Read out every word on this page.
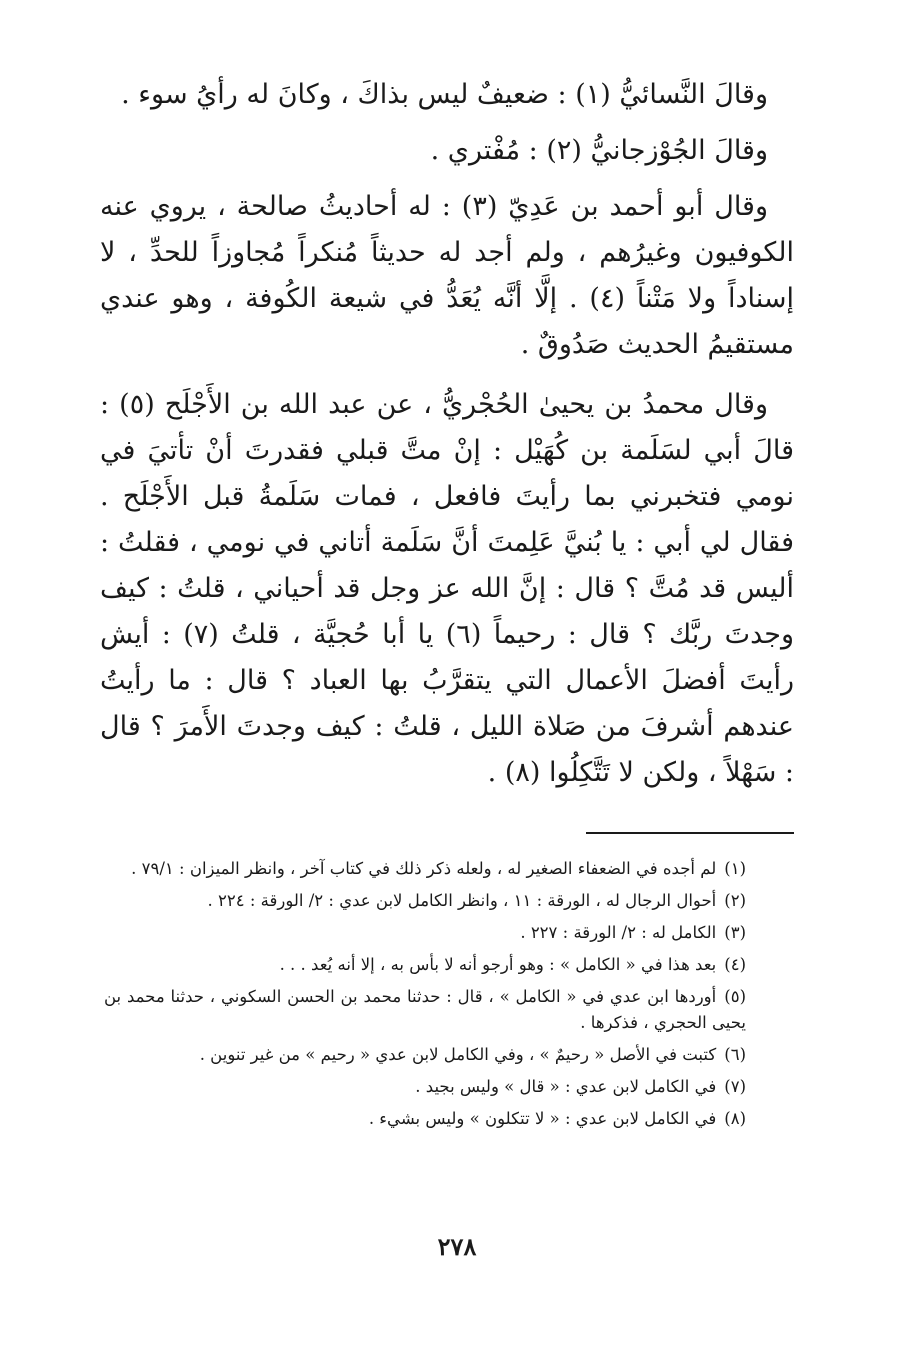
وقالَ النَّسائيُّ (١) : ضعيفٌ ليس بذاكَ ، وكانَ له رأيُ سوء .

وقالَ الجُوْزجانيُّ (٢) : مُفْتري .

وقال أبو أحمد بن عَدِيّ (٣) : له أحاديثُ صالحة ، يروي عنه الكوفيون وغيرُهم ، ولم أجد له حديثاً مُنكراً مُجاوزاً للحدِّ ، لا إسناداً ولا مَتْناً (٤) . إلَّا أنَّه يُعَدُّ في شيعة الكُوفة ، وهو عندي مستقيمُ الحديث صَدُوقٌ .

وقال محمدُ بن يحيىٰ الحُجْريُّ ، عن عبد الله بن الأَجْلَح (٥) : قالَ أبي لسَلَمة بن كُهَيْل : إنْ متَّ قبلي فقدرتَ أنْ تأتيَ في نومي فتخبرني بما رأيتَ فافعل ، فمات سَلَمةُ قبل الأَجْلَح . فقال لي أبي : يا بُنيَّ عَلِمتَ أنَّ سَلَمة أتاني في نومي ، فقلتُ : أليس قد مُتَّ ؟ قال : إنَّ الله عز وجل قد أحياني ، قلتُ : كيف وجدتَ ربَّك ؟ قال : رحيماً (٦) يا أبا حُجيَّة ، قلتُ (٧) : أيش رأيتَ أفضلَ الأعمال التي يتقرَّبُ بها العباد ؟ قال : ما رأيتُ عندهم أشرفَ من صَلاة الليل ، قلتُ : كيف وجدتَ الأَمرَ ؟ قال : سَهْلاً ، ولكن لا تَتَّكِلُوا (٨) .

(١)لم أجده في الضعفاء الصغير له ، ولعله ذكر ذلك في كتاب آخر ، وانظر الميزان : ٧٩/١ .
(٢)أحوال الرجال له ، الورقة : ١١ ، وانظر الكامل لابن عدي : ٢/ الورقة : ٢٢٤ .
(٣)الكامل له : ٢/ الورقة : ٢٢٧ .
(٤)بعد هذا في « الكامل » : وهو أرجو أنه لا بأس به ، إلا أنه يُعد . . .
(٥)أوردها ابن عدي في « الكامل » ، قال : حدثنا محمد بن الحسن السكوني ، حدثنا محمد بن يحيى الحجري ، فذكرها .
(٦)كتبت في الأصل « رحيمٌ » ، وفي الكامل لابن عدي « رحيم » من غير تنوين .
(٧)في الكامل لابن عدي : « قال » وليس بجيد .
(٨)في الكامل لابن عدي : « لا تتكلون » وليس بشيء .
٢٧٨
